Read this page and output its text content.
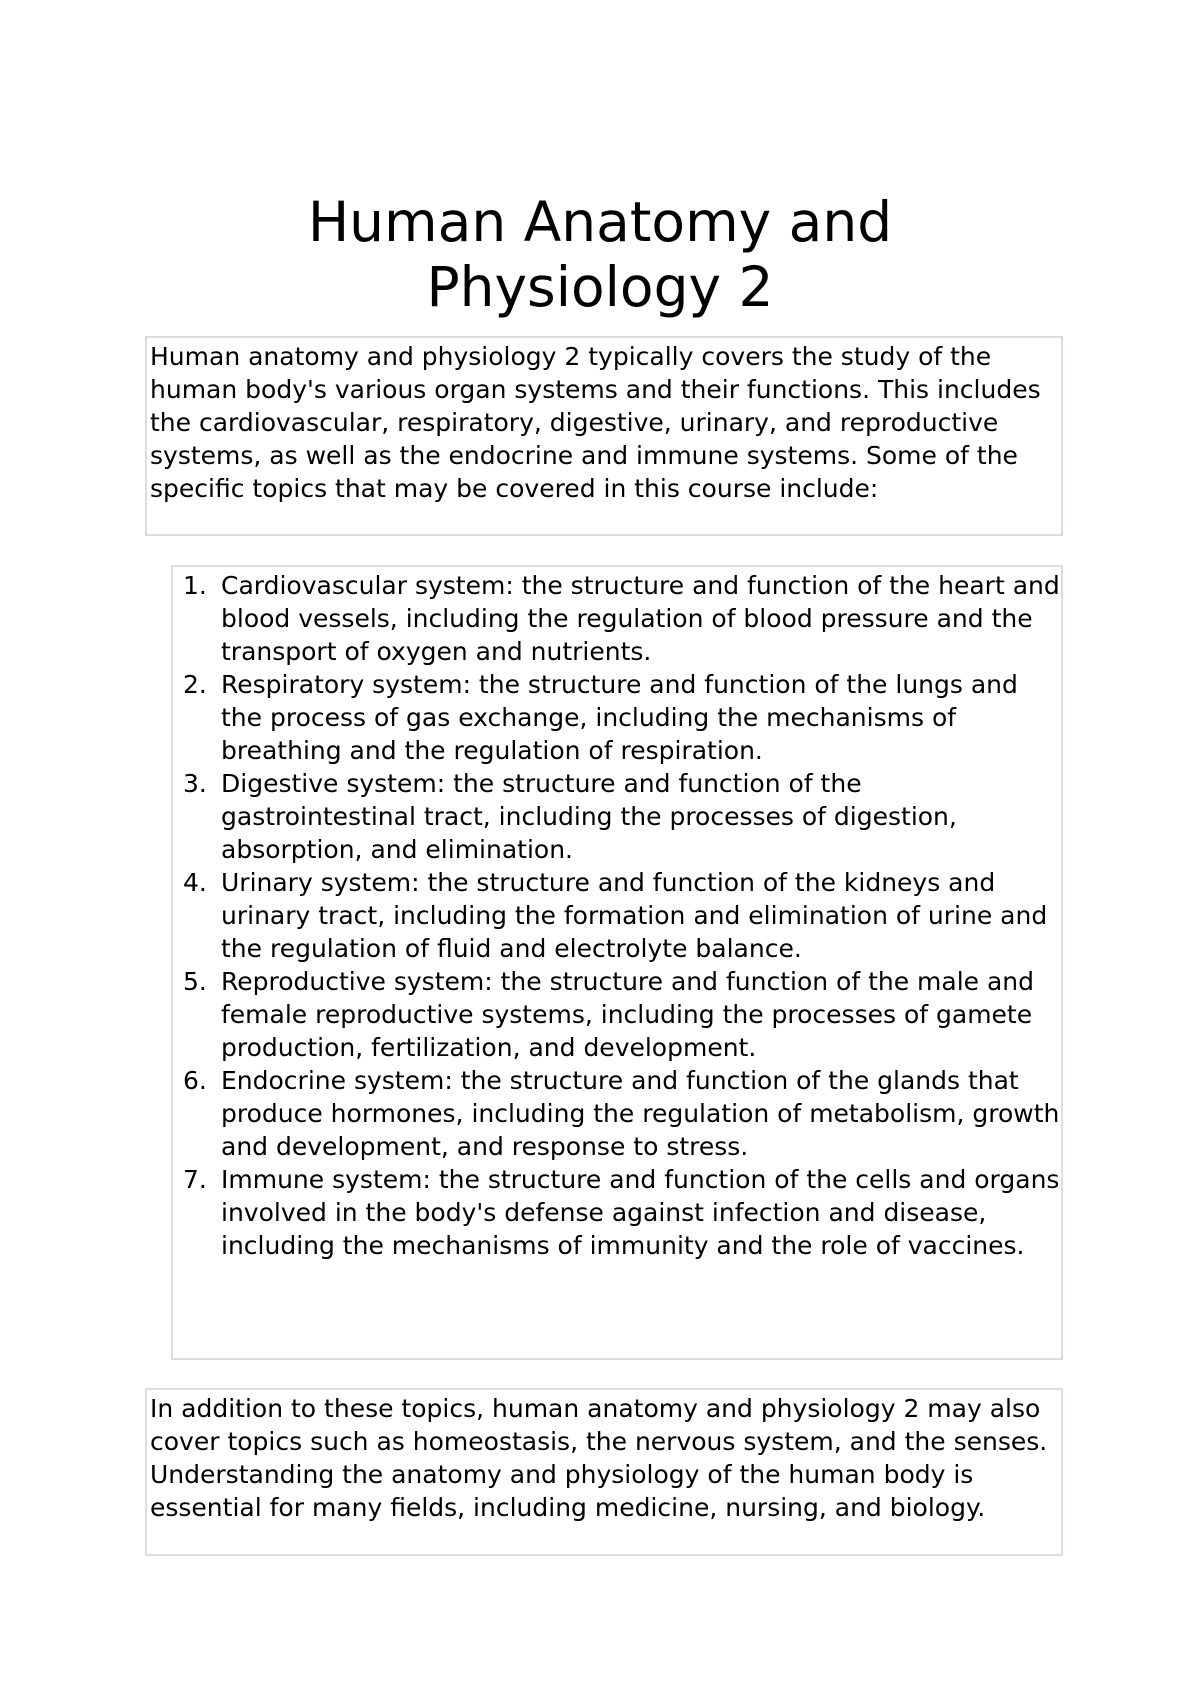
Human Anatomy and
Physiology 2

Human anatomy and physiology 2 typically covers the study of the human body's various organ systems and their functions. This includes the cardiovascular, respiratory, digestive, urinary, and reproductive systems, as well as the endocrine and immune systems. Some of the specific topics that may be covered in this course include:

1. Cardiovascular system: the structure and function of the heart and blood vessels, including the regulation of blood pressure and the transport of oxygen and nutrients.
2. Respiratory system: the structure and function of the lungs and the process of gas exchange, including the mechanisms of breathing and the regulation of respiration.
3. Digestive system: the structure and function of the gastrointestinal tract, including the processes of digestion, absorption, and elimination.
4. Urinary system: the structure and function of the kidneys and urinary tract, including the formation and elimination of urine and the regulation of fluid and electrolyte balance.
5. Reproductive system: the structure and function of the male and female reproductive systems, including the processes of gamete production, fertilization, and development.
6. Endocrine system: the structure and function of the glands that produce hormones, including the regulation of metabolism, growth and development, and response to stress.
7. Immune system: the structure and function of the cells and organs involved in the body's defense against infection and disease, including the mechanisms of immunity and the role of vaccines.

In addition to these topics, human anatomy and physiology 2 may also cover topics such as homeostasis, the nervous system, and the senses. Understanding the anatomy and physiology of the human body is essential for many fields, including medicine, nursing, and biology.
